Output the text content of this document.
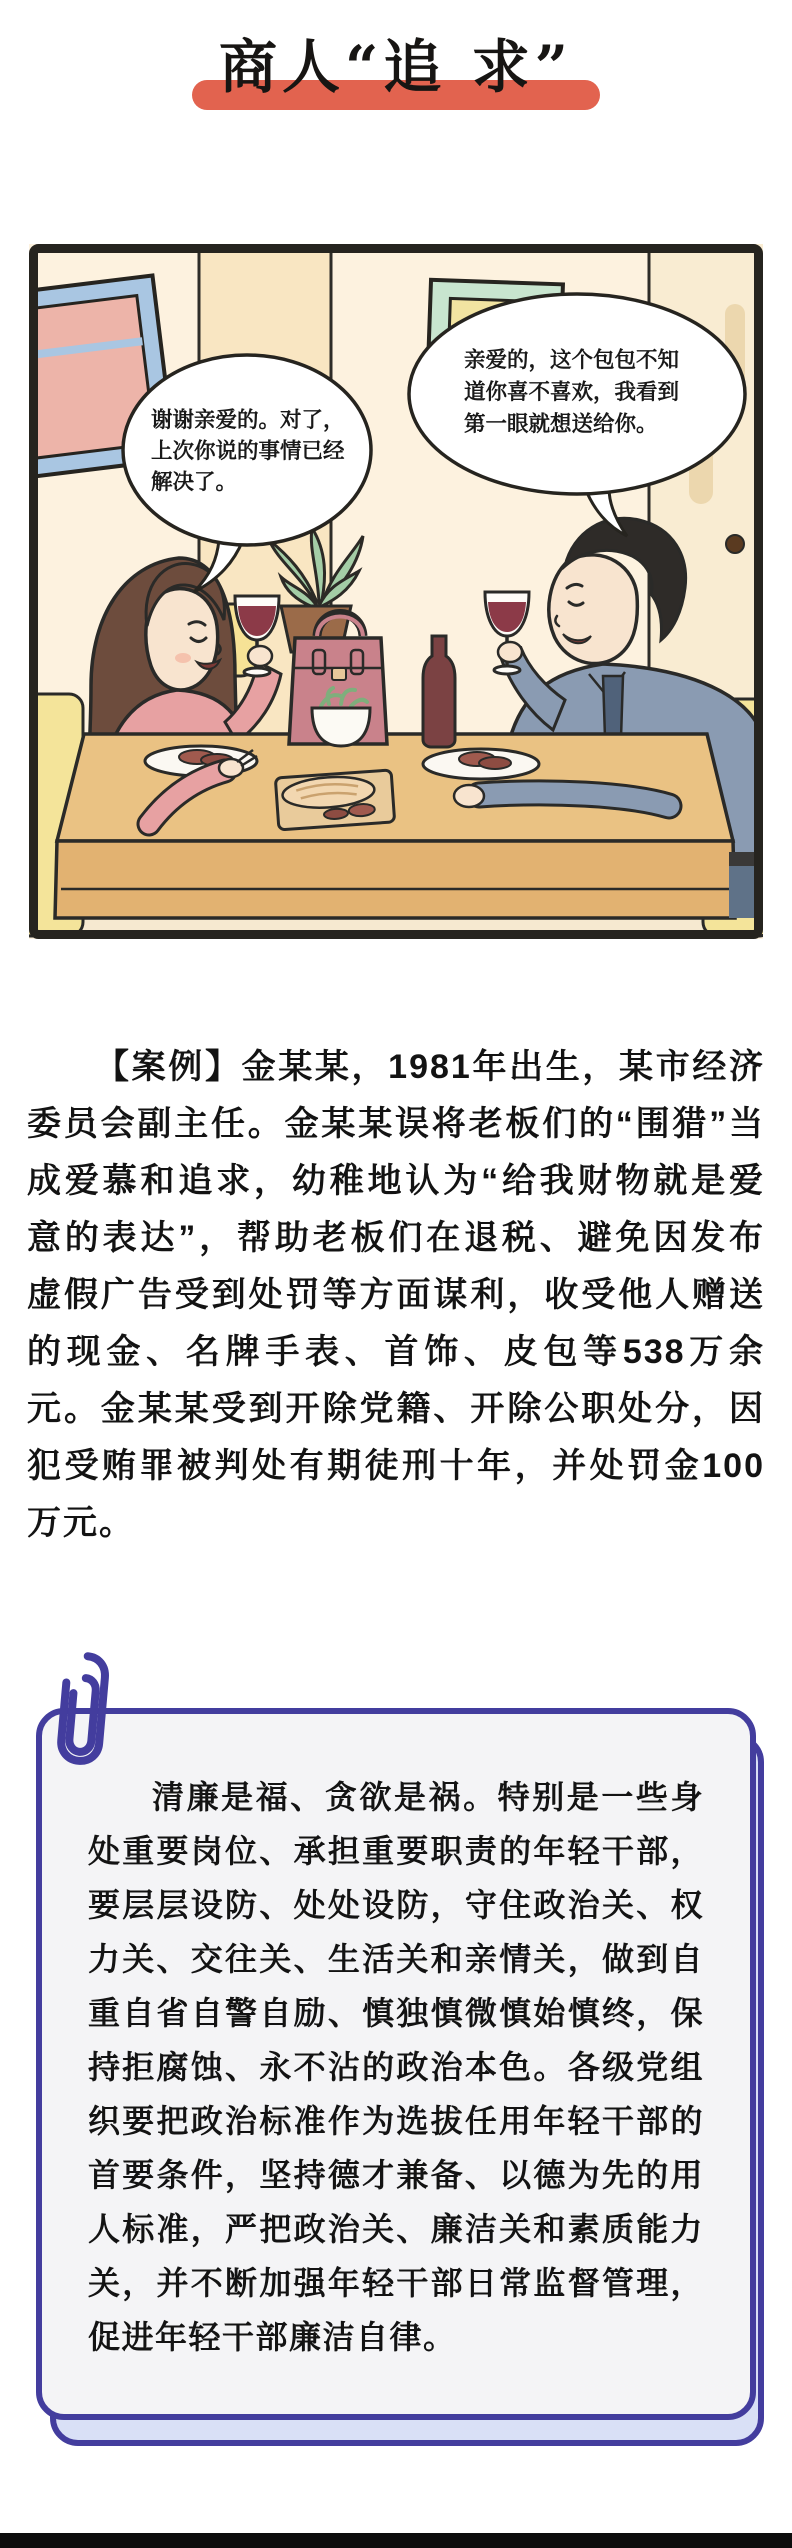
商人“追 求”
谢谢亲爱的。对了，
上次你说的事情已经
解决了。
亲爱的，这个包包不知
道你喜不喜欢，我看到
第一眼就想送给你。

【案例】金某某，1981年出生，某市经济委员会副主任。金某某误将老板们的“围猎”当成爱慕和追求，幼稚地认为“给我财物就是爱意的表达”，帮助老板们在退税、避免因发布虚假广告受到处罚等方面谋利，收受他人赠送的现金、名牌手表、首饰、皮包等538万余元。金某某受到开除党籍、开除公职处分，因犯受贿罪被判处有期徒刑十年，并处罚金100万元。

清廉是福、贪欲是祸。特别是一些身处重要岗位、承担重要职责的年轻干部，要层层设防、处处设防，守住政治关、权力关、交往关、生活关和亲情关，做到自重自省自警自励、慎独慎微慎始慎终，保持拒腐蚀、永不沾的政治本色。各级党组织要把政治标准作为选拔任用年轻干部的首要条件，坚持德才兼备、以德为先的用人标准，严把政治关、廉洁关和素质能力关，并不断加强年轻干部日常监督管理，促进年轻干部廉洁自律。
